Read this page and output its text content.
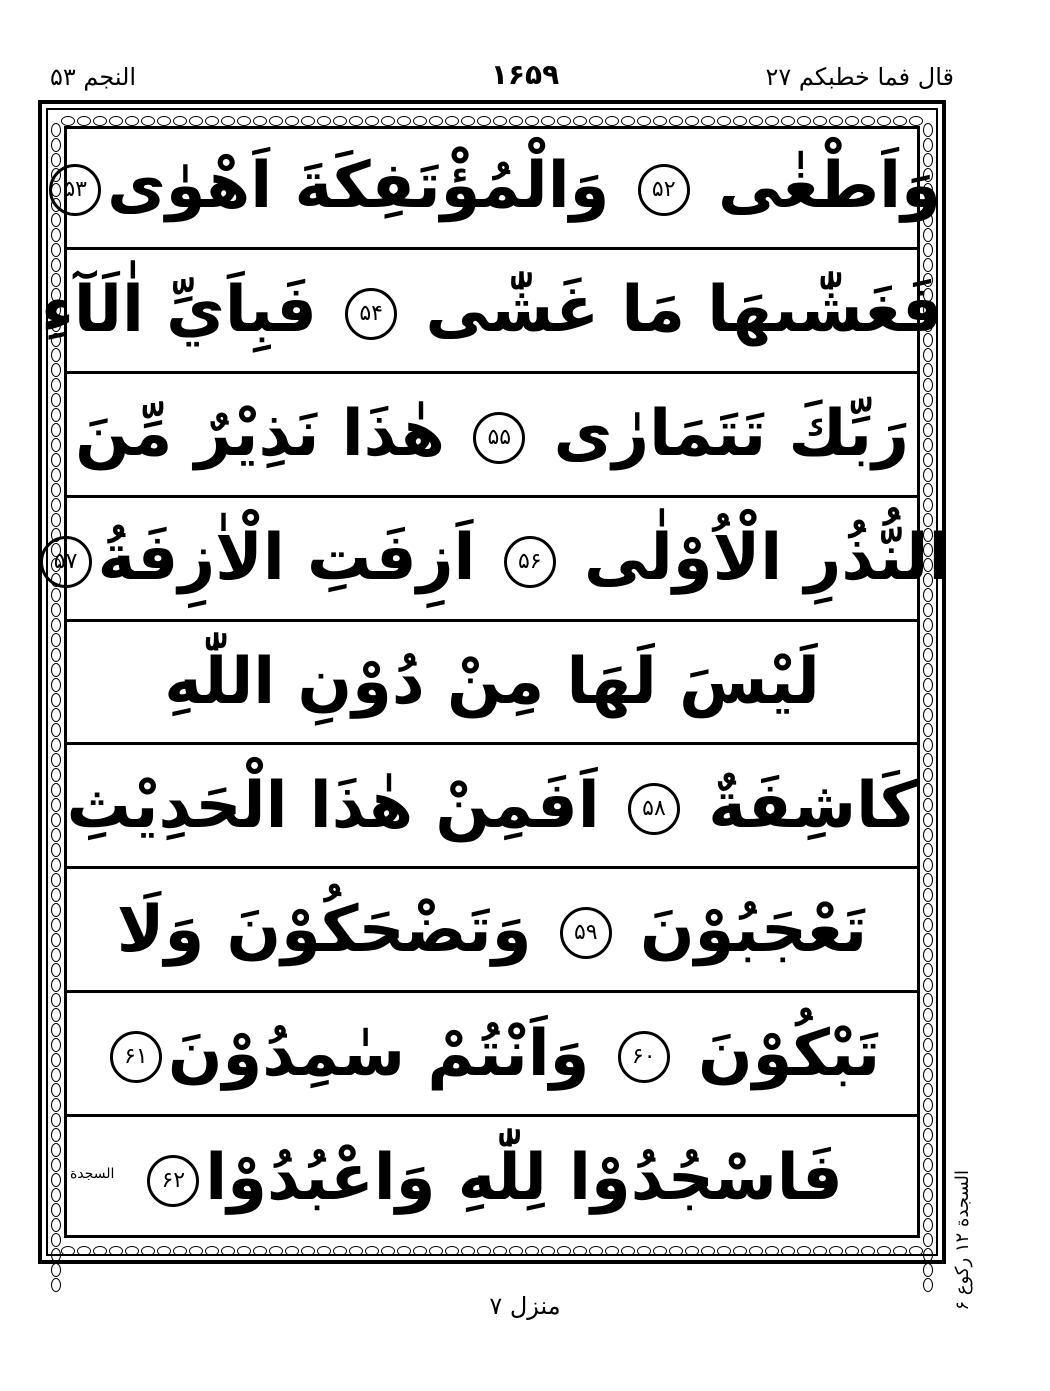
النجم ۵۳	۱۶۵۹	قال فما خطبکم ۲۷
وَاَطْغٰى ۵۲ وَالْمُؤْتَفِكَةَ اَهْوٰى۵۳
فَغَشّٰىهَا مَا غَشّٰى ۵۴ فَبِاَيِّ اٰلَآءِ
رَبِّكَ تَتَمَارٰى ۵۵ هٰذَا نَذِيْرٌ مِّنَ
النُّذُرِ الْاُوْلٰى ۵۶ اَزِفَتِ الْاٰزِفَةُ۵۷
لَيْسَ لَهَا مِنْ دُوْنِ اللّٰهِ
كَاشِفَةٌ ۵۸ اَفَمِنْ هٰذَا الْحَدِيْثِ
تَعْجَبُوْنَ ۵۹ وَتَضْحَكُوْنَ وَلَا
تَبْكُوْنَ ۶۰ وَاَنْتُمْ سٰمِدُوْنَ۶۱
فَاسْجُدُوْا لِلّٰهِ وَاعْبُدُوْا۶۲
السجدة
السجدة ۱۲ رکوع ۶
منزل ۷
